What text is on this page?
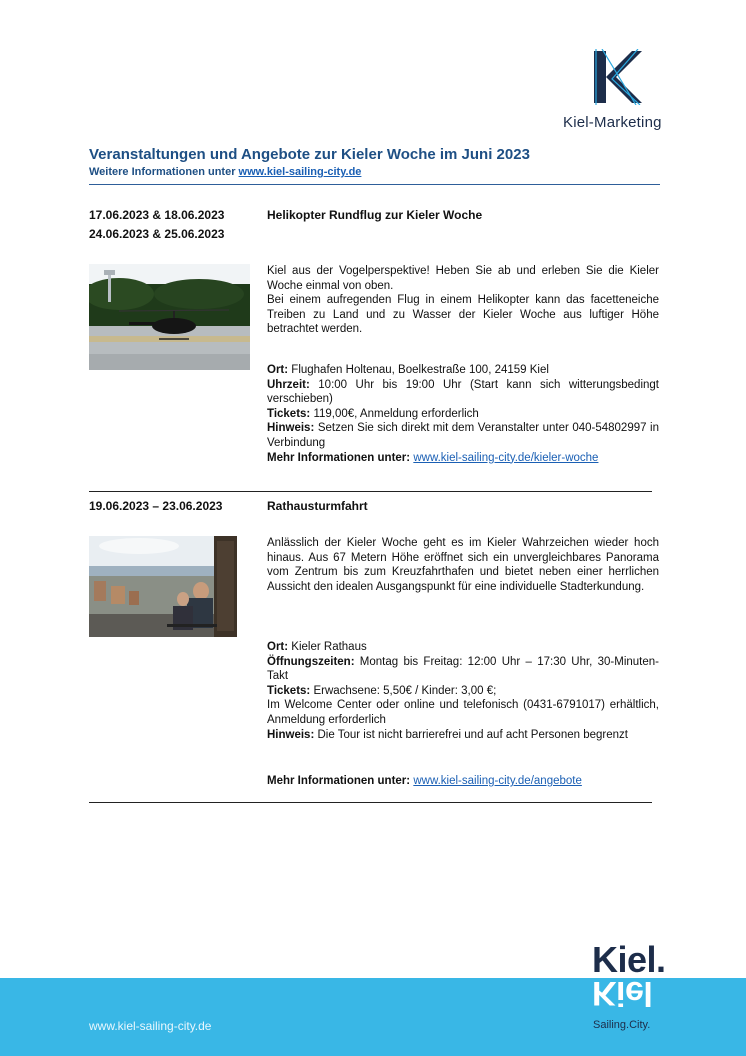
Kiel-Marketing
Veranstaltungen und Angebote zur Kieler Woche im Juni 2023
Weitere Informationen unter www.kiel-sailing-city.de
17.06.2023 & 18.06.2023
24.06.2023 & 25.06.2023
Helikopter Rundflug zur Kieler Woche

Kiel aus der Vogelperspektive! Heben Sie ab und erleben Sie die Kieler Woche einmal von oben.

Bei einem aufregenden Flug in einem Helikopter kann das facetteneiche Treiben zu Land und zu Wasser der Kieler Woche aus luftiger Höhe betrachtet werden.

Ort: Flughafen Holtenau, Boelkestraße 100, 24159 Kiel

Uhrzeit: 10:00 Uhr bis 19:00 Uhr (Start kann sich witterungsbedingt verschieben)

Tickets: 119,00€, Anmeldung erforderlich

Hinweis: Setzen Sie sich direkt mit dem Veranstalter unter 040-54802997 in Verbindung

Mehr Informationen unter: www.kiel-sailing-city.de/kieler-woche

19.06.2023 – 23.06.2023	Rathausturmfahrt

Anlässlich der Kieler Woche geht es im Kieler Wahrzeichen wieder hoch hinaus. Aus 67 Metern Höhe eröffnet sich ein unvergleichbares Panorama vom Zentrum bis zum Kreuzfahrthafen und bietet neben einer herrlichen Aussicht den idealen Ausgangspunkt für eine individuelle Stadterkundung.

Ort: Kieler Rathaus

Öffnungszeiten: Montag bis Freitag: 12:00 Uhr – 17:30 Uhr, 30-Minuten-Takt

Tickets: Erwachsene: 5,50€ / Kinder: 3,00 €;

Im Welcome Center oder online und telefonisch (0431-6791017) erhältlich, Anmeldung erforderlich

Hinweis: Die Tour ist nicht barrierefrei und auf acht Personen begrenzt

Mehr Informationen unter: www.kiel-sailing-city.de/angebote

www.kiel-sailing-city.de
Kiel.
Kiel
Sailing.City.
